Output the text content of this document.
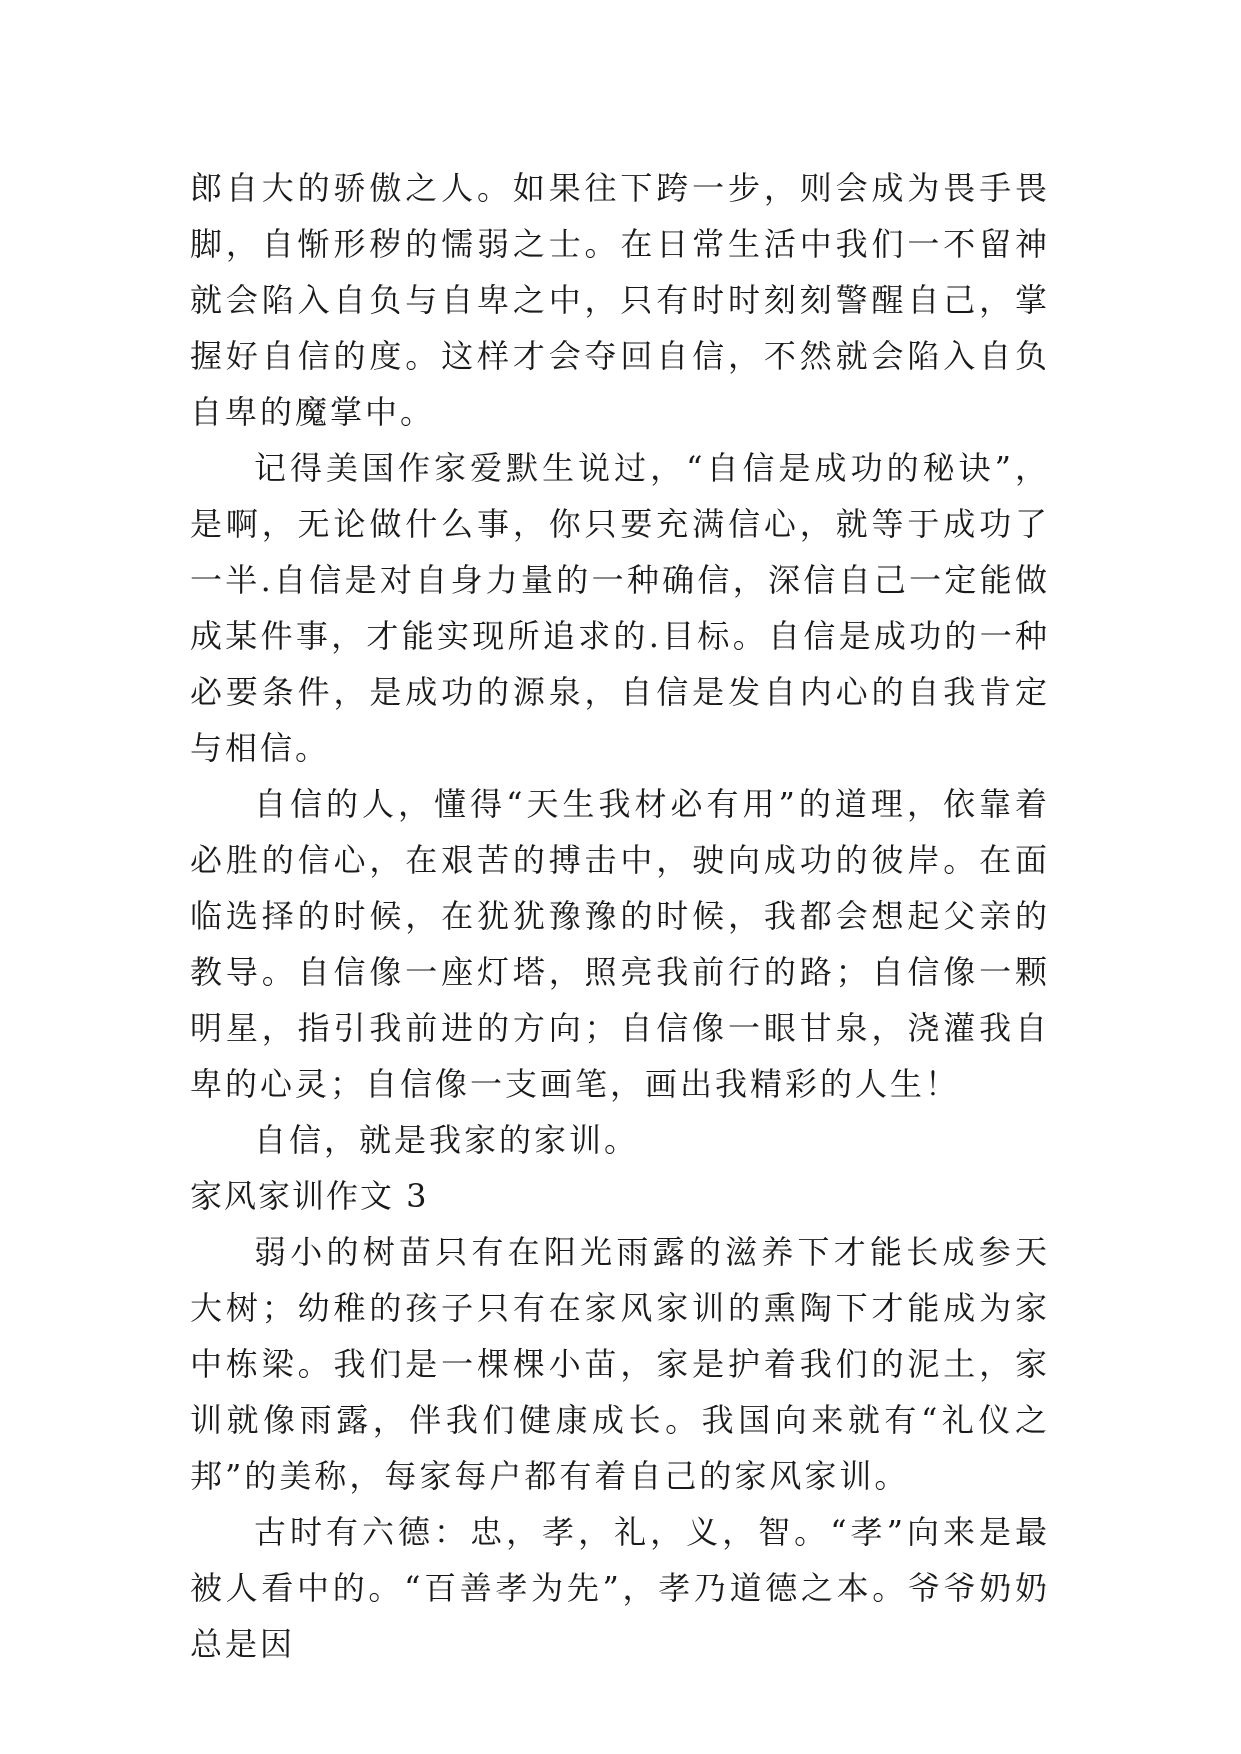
郎自大的骄傲之人。如果往下跨一步，则会成为畏手畏脚，自惭形秽的懦弱之士。在日常生活中我们一不留神就会陷入自负与自卑之中，只有时时刻刻警醒自己，掌握好自信的度。这样才会夺回自信，不然就会陷入自负自卑的魔掌中。

记得美国作家爱默生说过，“自信是成功的秘诀”，是啊，无论做什么事，你只要充满信心，就等于成功了一半.自信是对自身力量的一种确信，深信自己一定能做成某件事，才能实现所追求的.目标。自信是成功的一种必要条件，是成功的源泉，自信是发自内心的自我肯定与相信。

自信的人，懂得“天生我材必有用”的道理，依靠着必胜的信心，在艰苦的搏击中，驶向成功的彼岸。在面临选择的时候，在犹犹豫豫的时候，我都会想起父亲的教导。自信像一座灯塔，照亮我前行的路；自信像一颗明星，指引我前进的方向；自信像一眼甘泉，浇灌我自卑的心灵；自信像一支画笔，画出我精彩的人生！

自信，就是我家的家训。

家风家训作文 3

弱小的树苗只有在阳光雨露的滋养下才能长成参天大树；幼稚的孩子只有在家风家训的熏陶下才能成为家中栋梁。我们是一棵棵小苗，家是护着我们的泥土，家训就像雨露，伴我们健康成长。我国向来就有“礼仪之邦”的美称，每家每户都有着自己的家风家训。

古时有六德：忠，孝，礼，义，智。“孝”向来是最被人看中的。“百善孝为先”，孝乃道德之本。爷爷奶奶总是因
